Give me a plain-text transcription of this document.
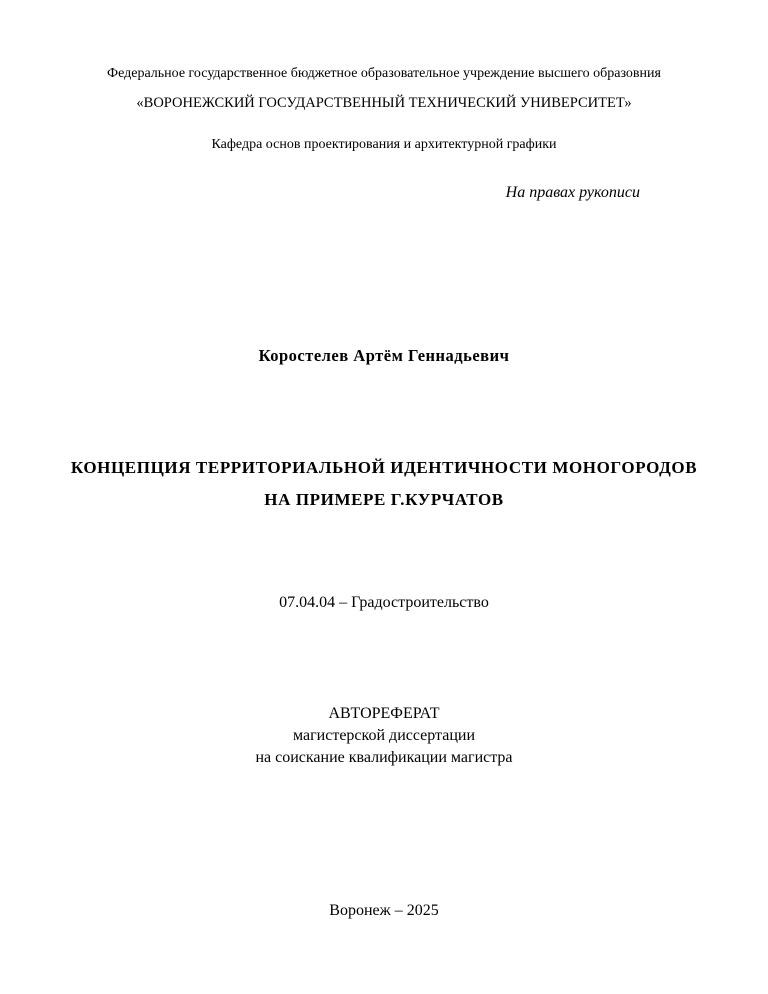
Федеральное государственное бюджетное образовательное учреждение высшего образовния
«ВОРОНЕЖСКИЙ ГОСУДАРСТВЕННЫЙ ТЕХНИЧЕСКИЙ УНИВЕРСИТЕТ»
Кафедра основ проектирования и архитектурной графики
На правах рукописи
Коростелев Артём Геннадьевич
КОНЦЕПЦИЯ ТЕРРИТОРИАЛЬНОЙ ИДЕНТИЧНОСТИ МОНОГОРОДОВ
НА ПРИМЕРЕ Г.КУРЧАТОВ
07.04.04 – Градостроительство
АВТОРЕФЕРАТ
магистерской диссертации
на соискание квалификации магистра
Воронеж – 2025
